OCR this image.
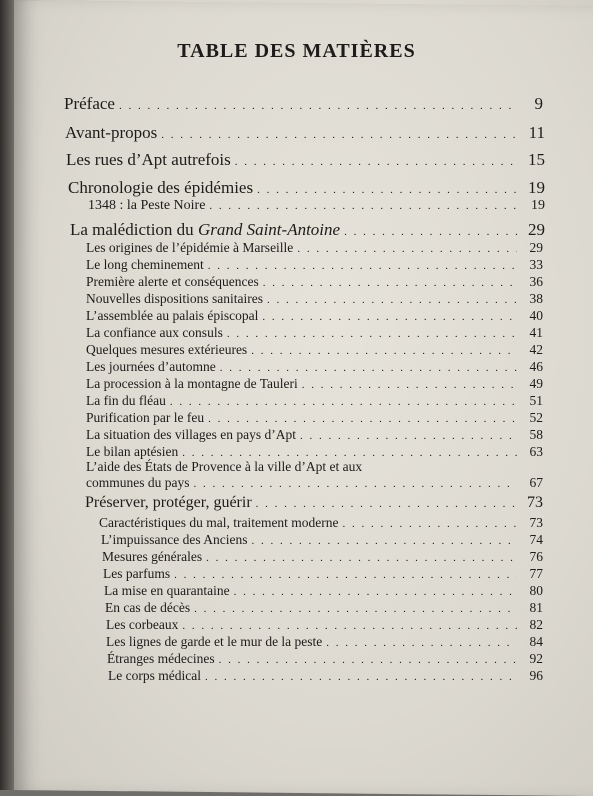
TABLE DES MATIÈRES
Préface . . .	9
Avant-propos . . .	11
Les rues d’Apt autrefois . . .	15
Chronologie des épidémies . . .	19
1348 : la Peste Noire . . .	19
La malédiction du Grand Saint-Antoine . . .	29
Les origines de l’épidémie à Marseille . . .	29
Le long cheminement . . .	33
Première alerte et conséquences . . .	36
Nouvelles dispositions sanitaires . . .	38
L’assemblée au palais épiscopal . . .	40
La confiance aux consuls . . .	41
Quelques mesures extérieures . . .	42
Les journées d’automne . . .	46
La procession à la montagne de Tauleri . . .	49
La fin du fléau . . .	51
Purification par le feu . . .	52
La situation des villages en pays d’Apt . . .	58
Le bilan aptésien . . .	63
L’aide des États de Provence à la ville d’Apt et aux
communes du pays . . .	67
Préserver, protéger, guérir . . .	73
Caractéristiques du mal, traitement moderne . . .	73
L’impuissance des Anciens . . .	74
Mesures générales . . .	76
Les parfums . . .	77
La mise en quarantaine . . .	80
En cas de décès . . .	81
Les corbeaux . . .	82
Les lignes de garde et le mur de la peste . . .	84
Étranges médecines . . .	92
Le corps médical . . .	96
